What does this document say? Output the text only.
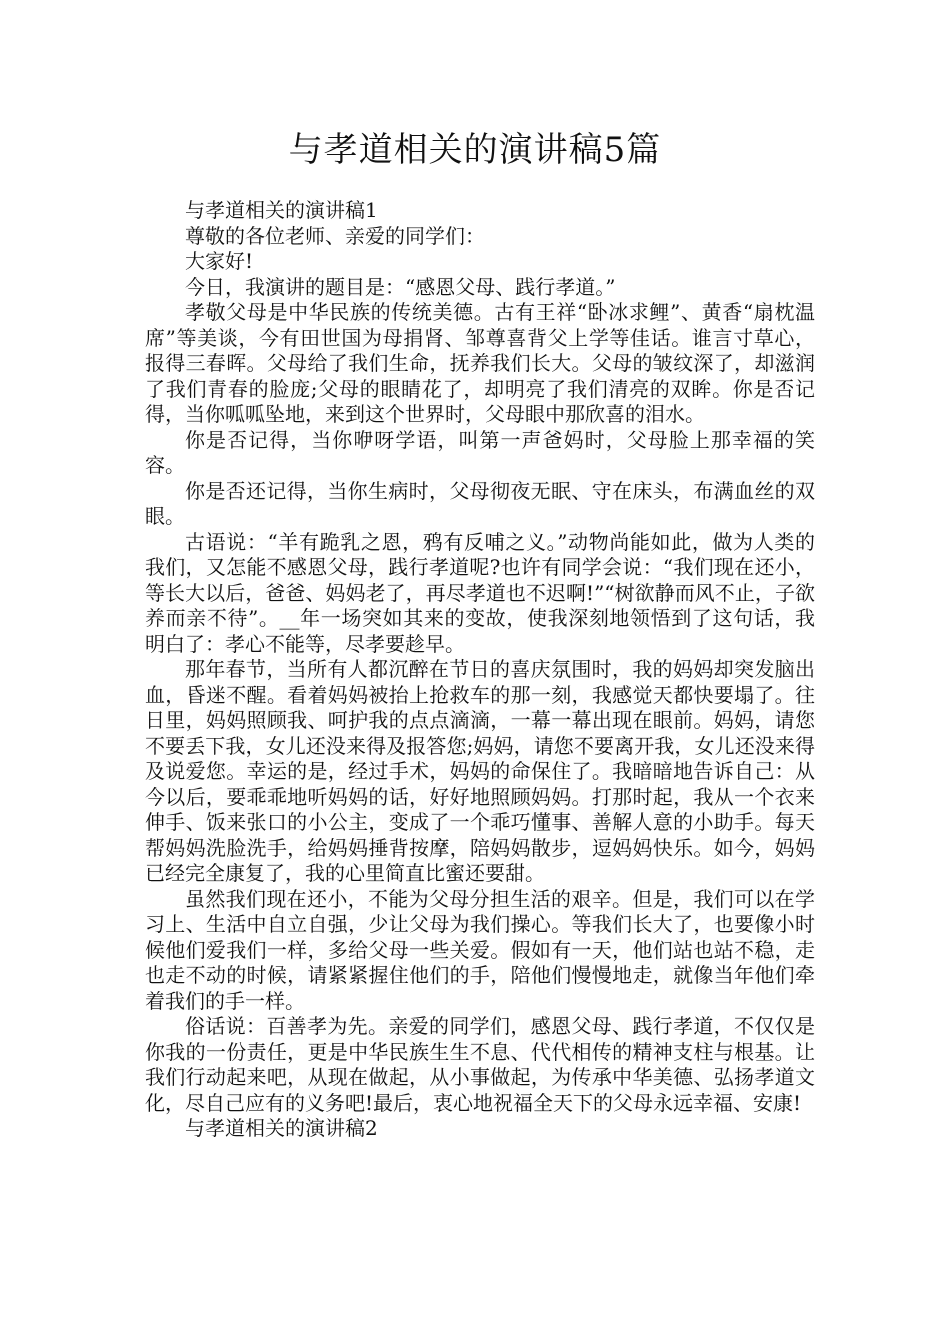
与孝道相关的演讲稿5篇

与孝道相关的演讲稿1

尊敬的各位老师、亲爱的同学们：

大家好!

今日，我演讲的题目是：“感恩父母、践行孝道。”

孝敬父母是中华民族的传统美德。古有王祥“卧冰求鲤”、黄香“扇枕温席”等美谈，今有田世国为母捐肾、邹尊喜背父上学等佳话。谁言寸草心，报得三春晖。父母给了我们生命，抚养我们长大。父母的皱纹深了，却滋润了我们青春的脸庞;父母的眼睛花了，却明亮了我们清亮的双眸。你是否记得，当你呱呱坠地，来到这个世界时，父母眼中那欣喜的泪水。

你是否记得，当你咿呀学语，叫第一声爸妈时，父母脸上那幸福的笑容。

你是否还记得，当你生病时，父母彻夜无眠、守在床头，布满血丝的双眼。

古语说：“羊有跪乳之恩，鸦有反哺之义。”动物尚能如此，做为人类的我们，又怎能不感恩父母，践行孝道呢?也许有同学会说：“我们现在还小，等长大以后，爸爸、妈妈老了，再尽孝道也不迟啊!”“树欲静而风不止，子欲养而亲不待”。__年一场突如其来的变故，使我深刻地领悟到了这句话，我明白了：孝心不能等，尽孝要趁早。

那年春节，当所有人都沉醉在节日的喜庆氛围时，我的妈妈却突发脑出血，昏迷不醒。看着妈妈被抬上抢救车的那一刻，我感觉天都快要塌了。往日里，妈妈照顾我、呵护我的点点滴滴，一幕一幕出现在眼前。妈妈，请您不要丢下我，女儿还没来得及报答您;妈妈，请您不要离开我，女儿还没来得及说爱您。幸运的是，经过手术，妈妈的命保住了。我暗暗地告诉自己：从今以后，要乖乖地听妈妈的话，好好地照顾妈妈。打那时起，我从一个衣来伸手、饭来张口的小公主，变成了一个乖巧懂事、善解人意的小助手。每天帮妈妈洗脸洗手，给妈妈捶背按摩，陪妈妈散步，逗妈妈快乐。如今，妈妈已经完全康复了，我的心里简直比蜜还要甜。

虽然我们现在还小，不能为父母分担生活的艰辛。但是，我们可以在学习上、生活中自立自强，少让父母为我们操心。等我们长大了，也要像小时候他们爱我们一样，多给父母一些关爱。假如有一天，他们站也站不稳，走也走不动的时候，请紧紧握住他们的手，陪他们慢慢地走，就像当年他们牵着我们的手一样。

俗话说：百善孝为先。亲爱的同学们，感恩父母、践行孝道，不仅仅是你我的一份责任，更是中华民族生生不息、代代相传的精神支柱与根基。让我们行动起来吧，从现在做起，从小事做起，为传承中华美德、弘扬孝道文化，尽自己应有的义务吧!最后，衷心地祝福全天下的父母永远幸福、安康!

与孝道相关的演讲稿2
